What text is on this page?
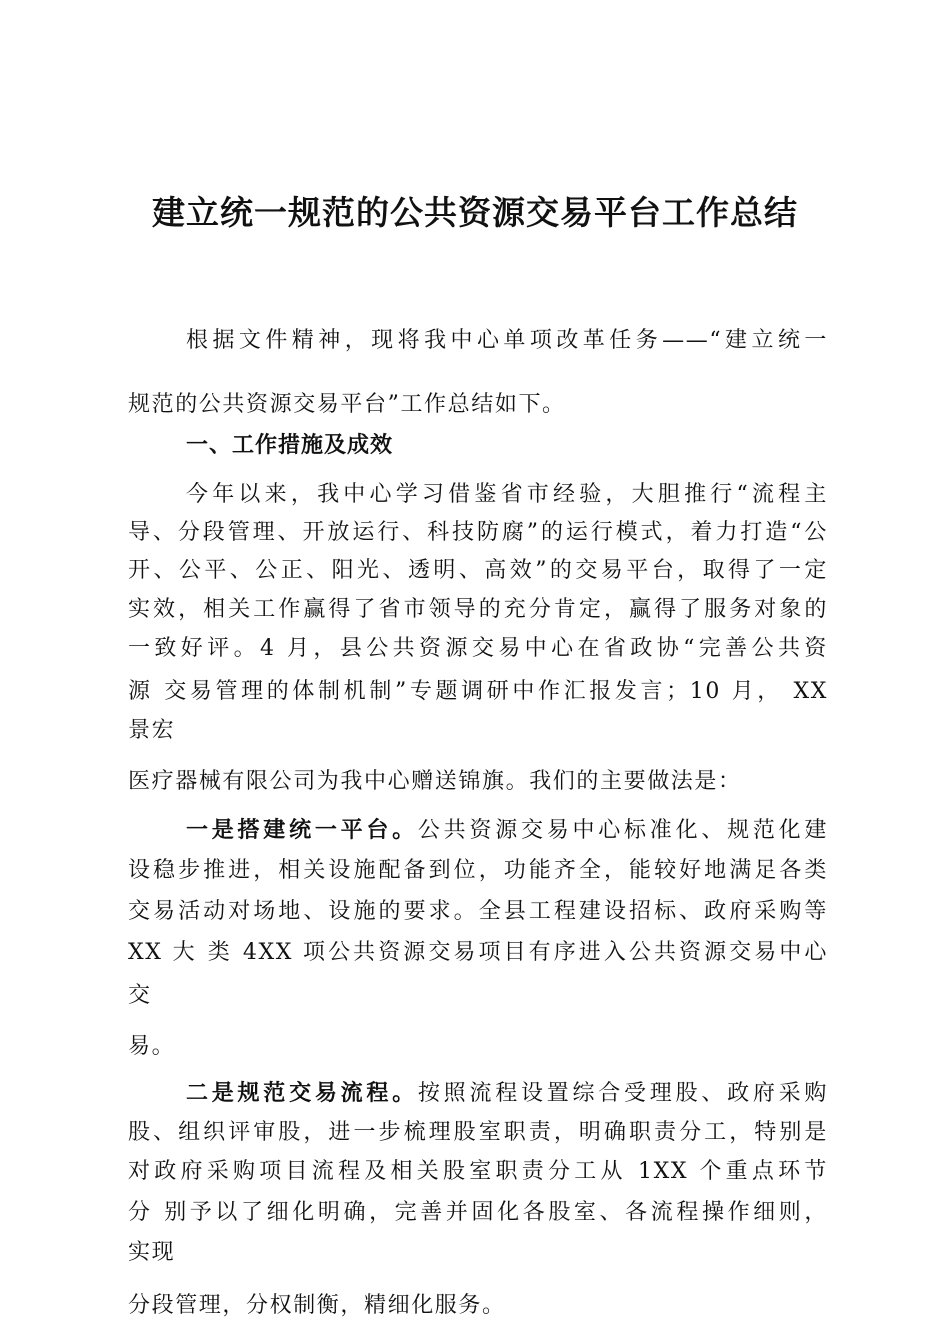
建立统一规范的公共资源交易平台工作总结
根据文件精神，现将我中心单项改革任务——“建立统一
规范的公共资源交易平台”工作总结如下。
一、工作措施及成效
今年以来，我中心学习借鉴省市经验，大胆推行“流程主
导、分段管理、开放运行、科技防腐”的运行模式，着力打造“公
开、公平、公正、阳光、透明、高效”的交易平台，取得了一定
实效，相关工作赢得了省市领导的充分肯定，赢得了服务对象的
一致好评。4 月，县公共资源交易中心在省政协“完善公共资
源 交易管理的体制机制”专题调研中作汇报发言；10 月， XX
景宏
医疗器械有限公司为我中心赠送锦旗。我们的主要做法是：
一是搭建统一平台。公共资源交易中心标准化、规范化建
设稳步推进，相关设施配备到位，功能齐全，能较好地满足各类
交易活动对场地、设施的要求。全县工程建设招标、政府采购等
XX 大 类 4XX 项公共资源交易项目有序进入公共资源交易中心
交
易。
二是规范交易流程。按照流程设置综合受理股、政府采购
股、组织评审股，进一步梳理股室职责，明确职责分工，特别是
对政府采购项目流程及相关股室职责分工从 1XX 个重点环节
分 别予以了细化明确，完善并固化各股室、各流程操作细则，
实现
分段管理，分权制衡，精细化服务。
